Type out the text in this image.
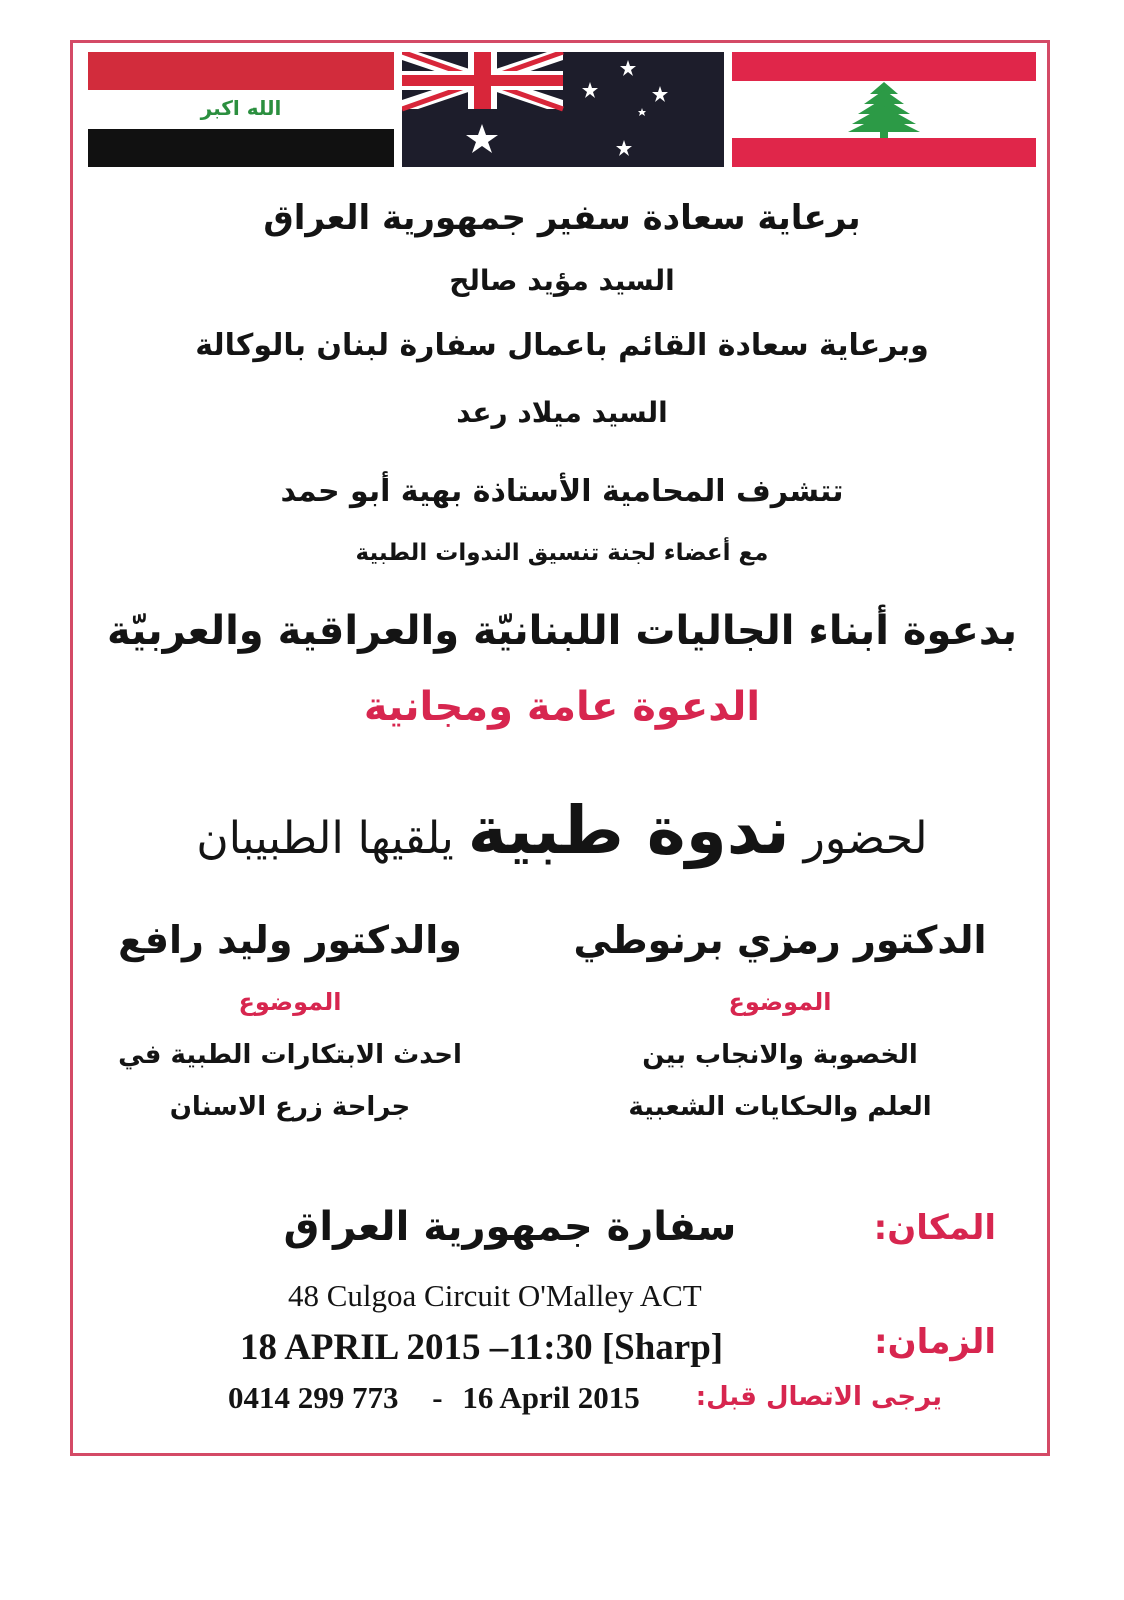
الله اكبر

برعاية سعادة سفير جمهورية العراق

السيد مؤيد صالح

وبرعاية سعادة القائم باعمال سفارة لبنان بالوكالة

السيد ميلاد رعد

تتشرف المحامية الأستاذة بهية أبو حمد

مع أعضاء لجنة تنسيق الندوات الطبية

بدعوة أبناء الجاليات اللبنانيّة والعراقية والعربيّة

الدعوة عامة ومجانية

لحضور ندوة طبية يلقيها الطبيبان

الدكتور رمزي برنوطي
الموضوع
الخصوبة والانجاب بين
العلم والحكايات الشعبية
والدكتور وليد رافع
الموضوع
احدث الابتكارات الطبية في
جراحة زرع الاسنان

المكان:

سفارة جمهورية العراق

48 Culgoa Circuit O'Malley ACT

الزمان:

18 APRIL 2015 –11:30 [Sharp]

يرجى الاتصال قبل:

0414 299 773 - 16 April 2015
